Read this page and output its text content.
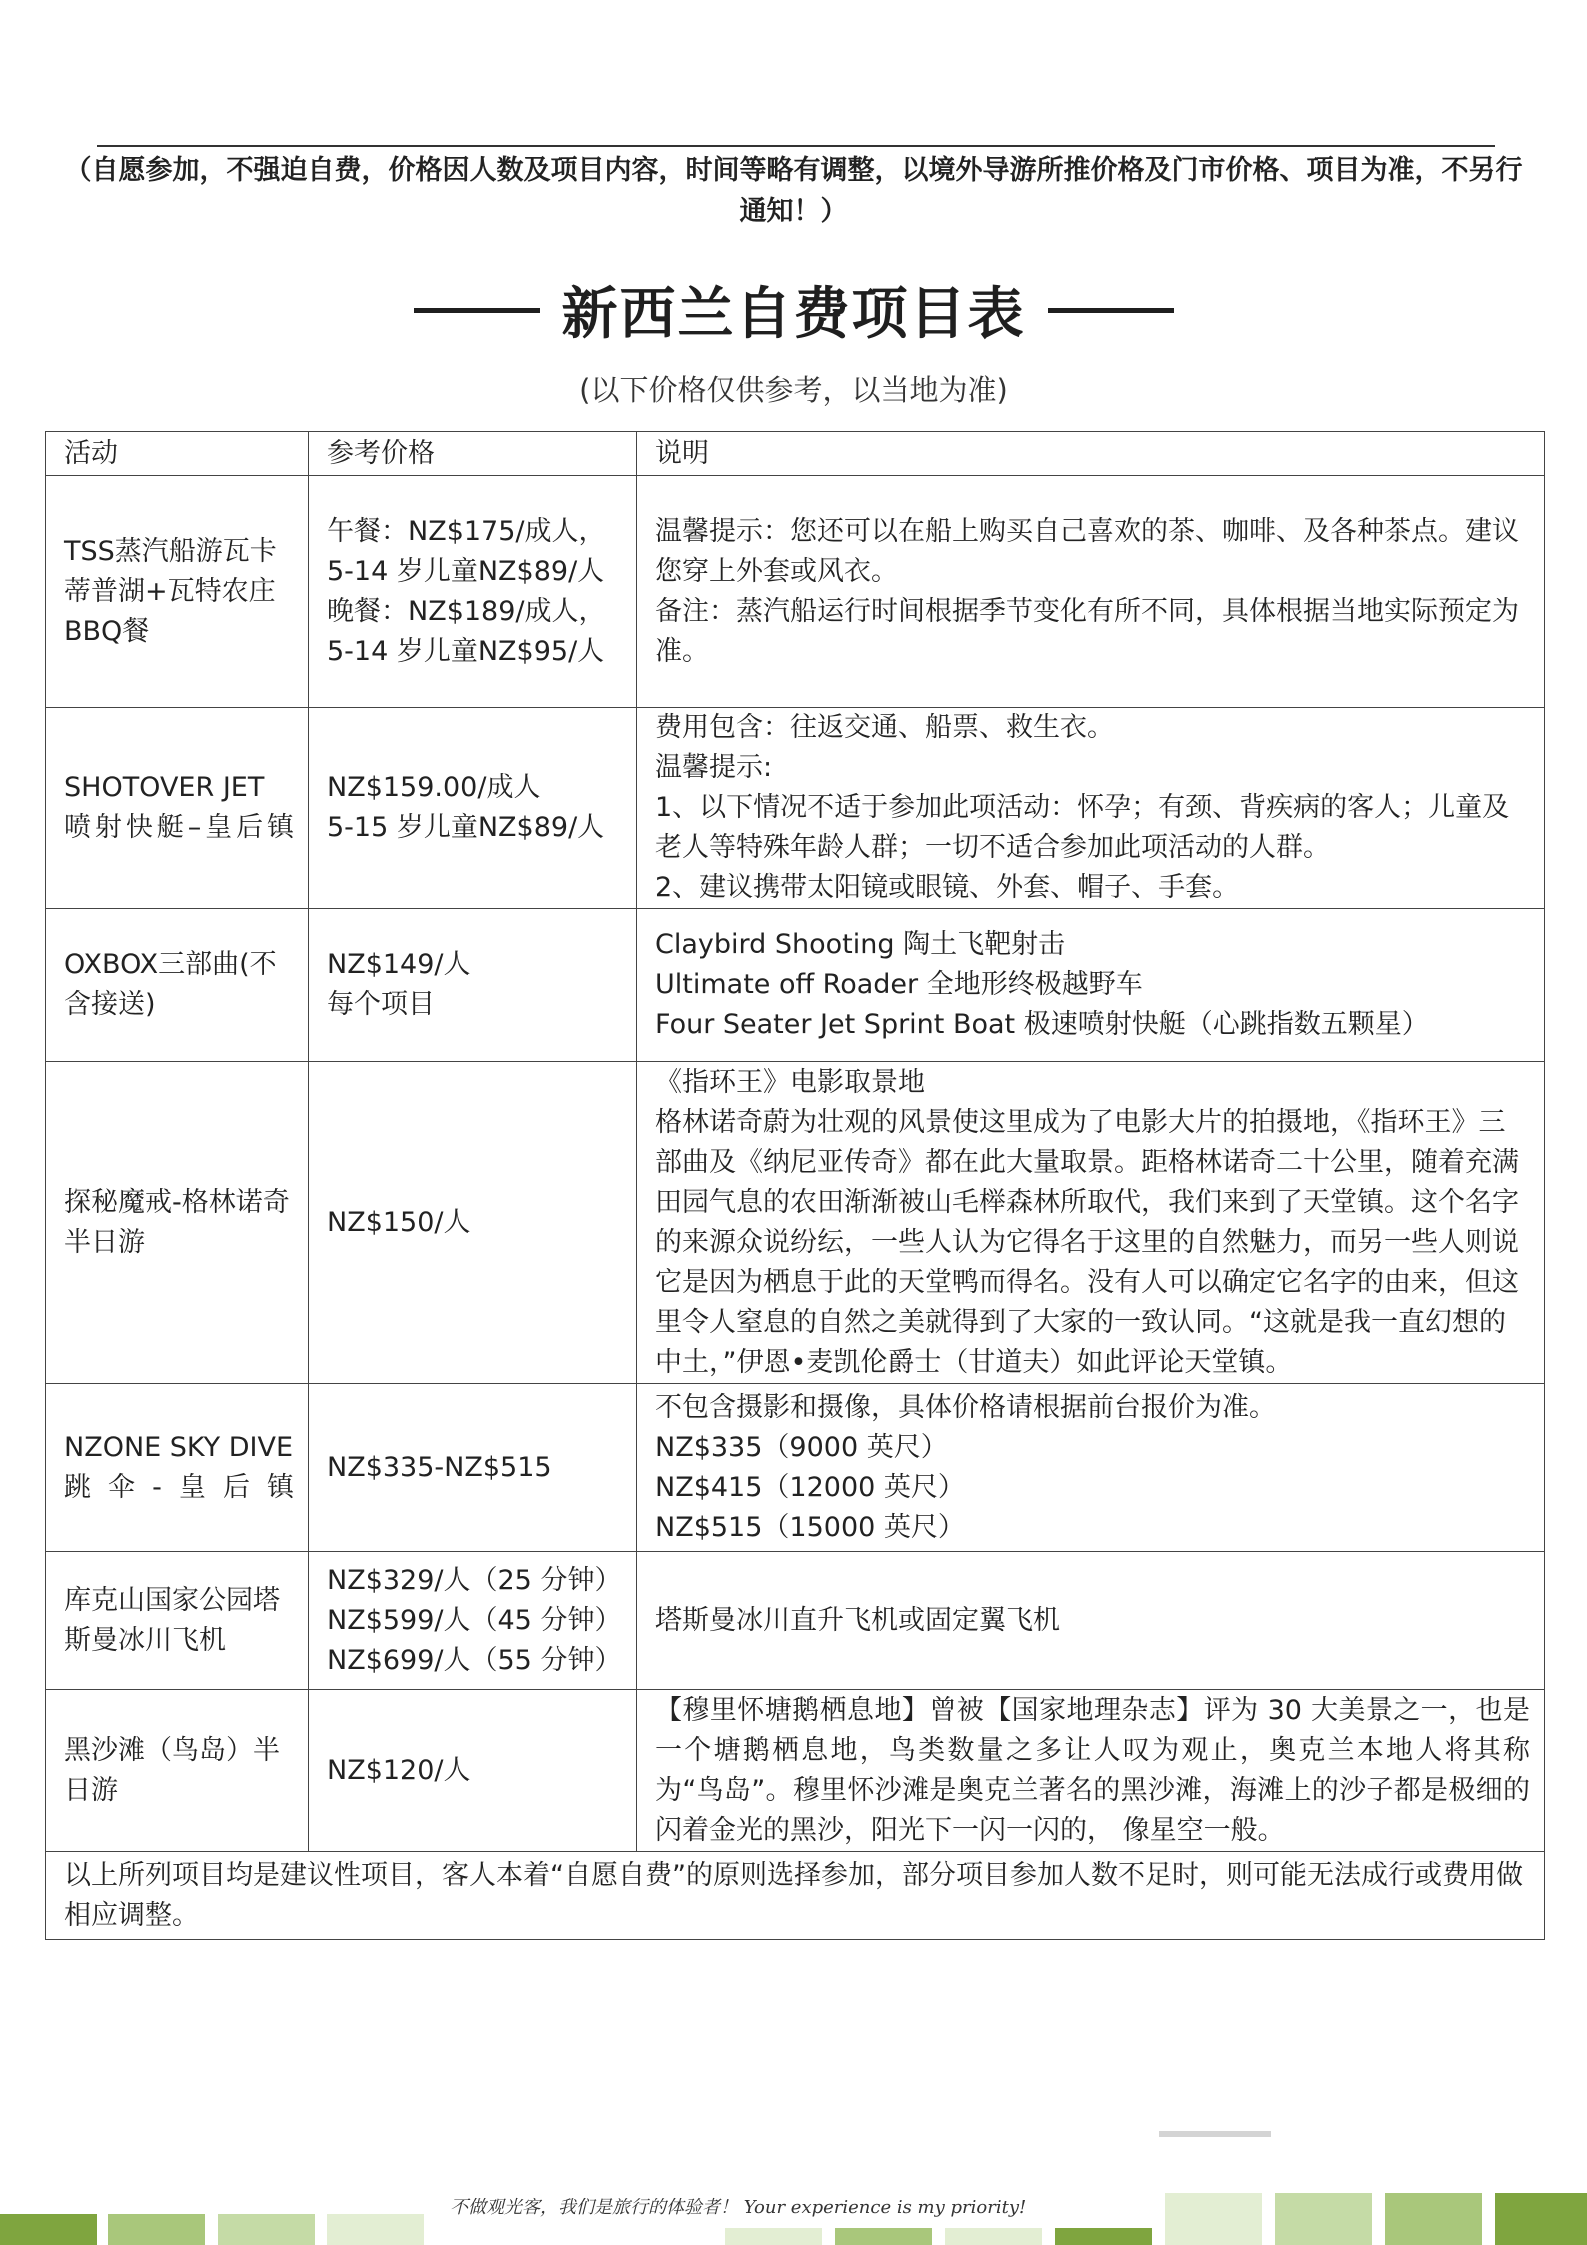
（自愿参加，不强迫自费，价格因人数及项目内容，时间等略有调整，以境外导游所推价格及门市价格、项目为准，不另行通知！）
新西兰自费项目表
(以下价格仅供参考，以当地为准)
活动	参考价格	说明
TSS蒸汽船游瓦卡蒂普湖+瓦特农庄BBQ餐	午餐：NZ$175/成人，
5-14 岁儿童NZ$89/人
晚餐：NZ$189/成人，
5-14 岁儿童NZ$95/人	温馨提示：您还可以在船上购买自己喜欢的茶、咖啡、及各种茶点。建议您穿上外套或风衣。
备注：蒸汽船运行时间根据季节变化有所不同，具体根据当地实际预定为准。

SHOTOVER JET 喷射快艇–皇后镇	NZ$159.00/成人
5-15 岁儿童NZ$89/人	费用包含：往返交通、船票、救生衣。
温馨提示:
1、以下情况不适于参加此项活动：怀孕；有颈、背疾病的客人；儿童及老人等特殊年龄人群；一切不适合参加此项活动的人群。
2、建议携带太阳镜或眼镜、外套、帽子、手套。

OXBOX三部曲(不含接送)	NZ$149/人
每个项目	Claybird Shooting 陶土飞靶射击
Ultimate off Roader 全地形终极越野车
Four Seater Jet Sprint Boat 极速喷射快艇（心跳指数五颗星）

探秘魔戒-格林诺奇半日游	NZ$150/人	《指环王》电影取景地
格林诺奇蔚为壮观的风景使这里成为了电影大片的拍摄地，《指环王》三部曲及《纳尼亚传奇》都在此大量取景。距格林诺奇二十公里，随着充满田园气息的农田渐渐被山毛榉森林所取代，我们来到了天堂镇。这个名字的来源众说纷纭，一些人认为它得名于这里的自然魅力，而另一些人则说它是因为栖息于此的天堂鸭而得名。没有人可以确定它名字的由来，但这里令人窒息的自然之美就得到了大家的一致认同。“这就是我一直幻想的中土，”伊恩•麦凯伦爵士（甘道夫）如此评论天堂镇。

NZONE SKY DIVE跳伞-皇后镇	NZ$335-NZ$515	不包含摄影和摄像，具体价格请根据前台报价为准。
NZ$335（9000 英尺）
NZ$415（12000 英尺）
NZ$515（15000 英尺）

库克山国家公园塔斯曼冰川飞机	NZ$329/人（25 分钟）
NZ$599/人（45 分钟）
NZ$699/人（55 分钟）	塔斯曼冰川直升飞机或固定翼飞机

黑沙滩（鸟岛）半日游	NZ$120/人	【穆里怀塘鹅栖息地】曾被【国家地理杂志】评为 30 大美景之一，也是一个塘鹅栖息地，鸟类数量之多让人叹为观止，奥克兰本地人将其称为“鸟岛”。穆里怀沙滩是奥克兰著名的黑沙滩，海滩上的沙子都是极细的闪着金光的黑沙，阳光下一闪一闪的， 像星空一般。

以上所列项目均是建议性项目，客人本着“自愿自费”的原则选择参加，部分项目参加人数不足时，则可能无法成行或费用做相应调整。		
不做观光客，我们是旅行的体验者！ Your experience is my priority!
